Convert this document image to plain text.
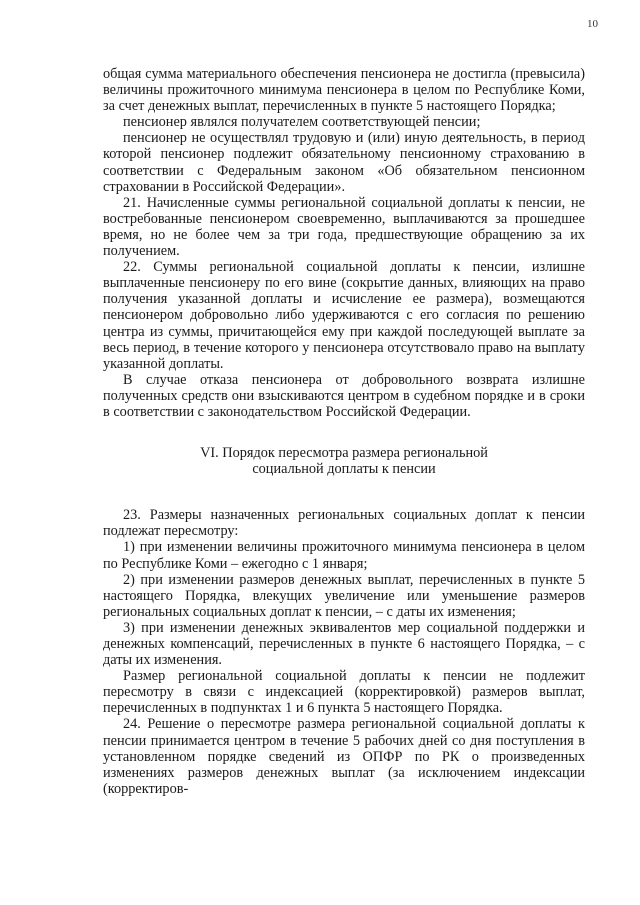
10

общая сумма материального обеспечения пенсионера не достигла (превысила) величины прожиточного минимума пенсионера в целом по Республике Коми, за счет денежных выплат, перечисленных в пункте 5 настоящего Порядка;

пенсионер являлся получателем соответствующей пенсии;

пенсионер не осуществлял трудовую и (или) иную деятельность, в период которой пенсионер подлежит обязательному пенсионному страхованию в соответствии с Федеральным законом «Об обязательном пенсионном страховании в Российской Федерации».

21. Начисленные суммы региональной социальной доплаты к пенсии, не востребованные пенсионером своевременно, выплачиваются за прошедшее время, но не более чем за три года, предшествующие обращению за их получением.

22. Суммы региональной социальной доплаты к пенсии, излишне выплаченные пенсионеру по его вине (сокрытие данных, влияющих на право получения указанной доплаты и исчисление ее размера), возмещаются пенсионером добровольно либо удерживаются с его согласия по решению центра из суммы, причитающейся ему при каждой последующей выплате за весь период, в течение которого у пенсионера отсутствовало право на выплату указанной доплаты.

В случае отказа пенсионера от добровольного возврата излишне полученных средств они взыскиваются центром в судебном порядке и в сроки в соответствии с законодательством Российской Федерации.

VI. Порядок пересмотра размера региональной
социальной доплаты к пенсии

23. Размеры назначенных региональных социальных доплат к пенсии подлежат пересмотру:

1) при изменении величины прожиточного минимума пенсионера в целом по Республике Коми – ежегодно с 1 января;

2) при изменении размеров денежных выплат, перечисленных в пункте 5 настоящего Порядка, влекущих увеличение или уменьшение размеров региональных социальных доплат к пенсии, – с даты их изменения;

3) при изменении денежных эквивалентов мер социальной поддержки и денежных компенсаций, перечисленных в пункте 6 настоящего Порядка, – с даты их изменения.

Размер региональной социальной доплаты к пенсии не подлежит пересмотру в связи с индексацией (корректировкой) размеров выплат, перечисленных в подпунктах 1 и 6 пункта 5 настоящего Порядка.

24. Решение о пересмотре размера региональной социальной доплаты к пенсии принимается центром в течение 5 рабочих дней со дня поступления в установленном порядке сведений из ОПФР по РК о произведенных изменениях размеров денежных выплат (за исключением индексации (корректиров-
